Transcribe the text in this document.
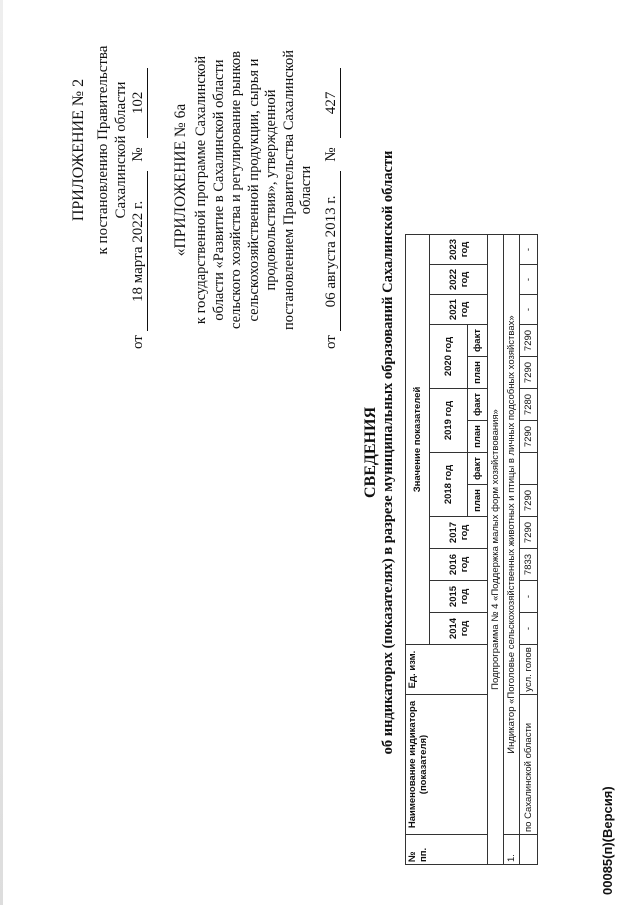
ПРИЛОЖЕНИЕ № 2 к постановлению Правительства Сахалинской области
от 18 марта 2022 г. № 102
«ПРИЛОЖЕНИЕ № 6а к государственной программе Сахалинской области «Развитие в Сахалинской области сельского хозяйства и регулирование рынков сельскохозяйственной продукции, сырья и продовольствия», утвержденной постановлением Правительства Сахалинской области
от 06 августа 2013 г. № 427
СВЕДЕНИЯ об индикаторах (показателях) в разрезе муниципальных образований Сахалинской области
№ пп.	Наименование индикатора (показателя)	Ед. изм.	Значение показателей												
			2014 год	2015 год	2016 год	2017 год	2018 год		2019 год		2020 год		2021 год	2022 год	2023 год
							план	факт	план	факт	план	факт			
Подпрограмма № 4 «Поддержка малых форм хозяйствования»															
1.	Индикатор «Поголовье сельскохозяйственных животных и птицы в личных подсобных хозяйствах»														
	по Сахалинской области	усл. голов	-	-	7833	7290	7290		7290	7280	7290	7290	-	-	-
00085(п)(Версия)
